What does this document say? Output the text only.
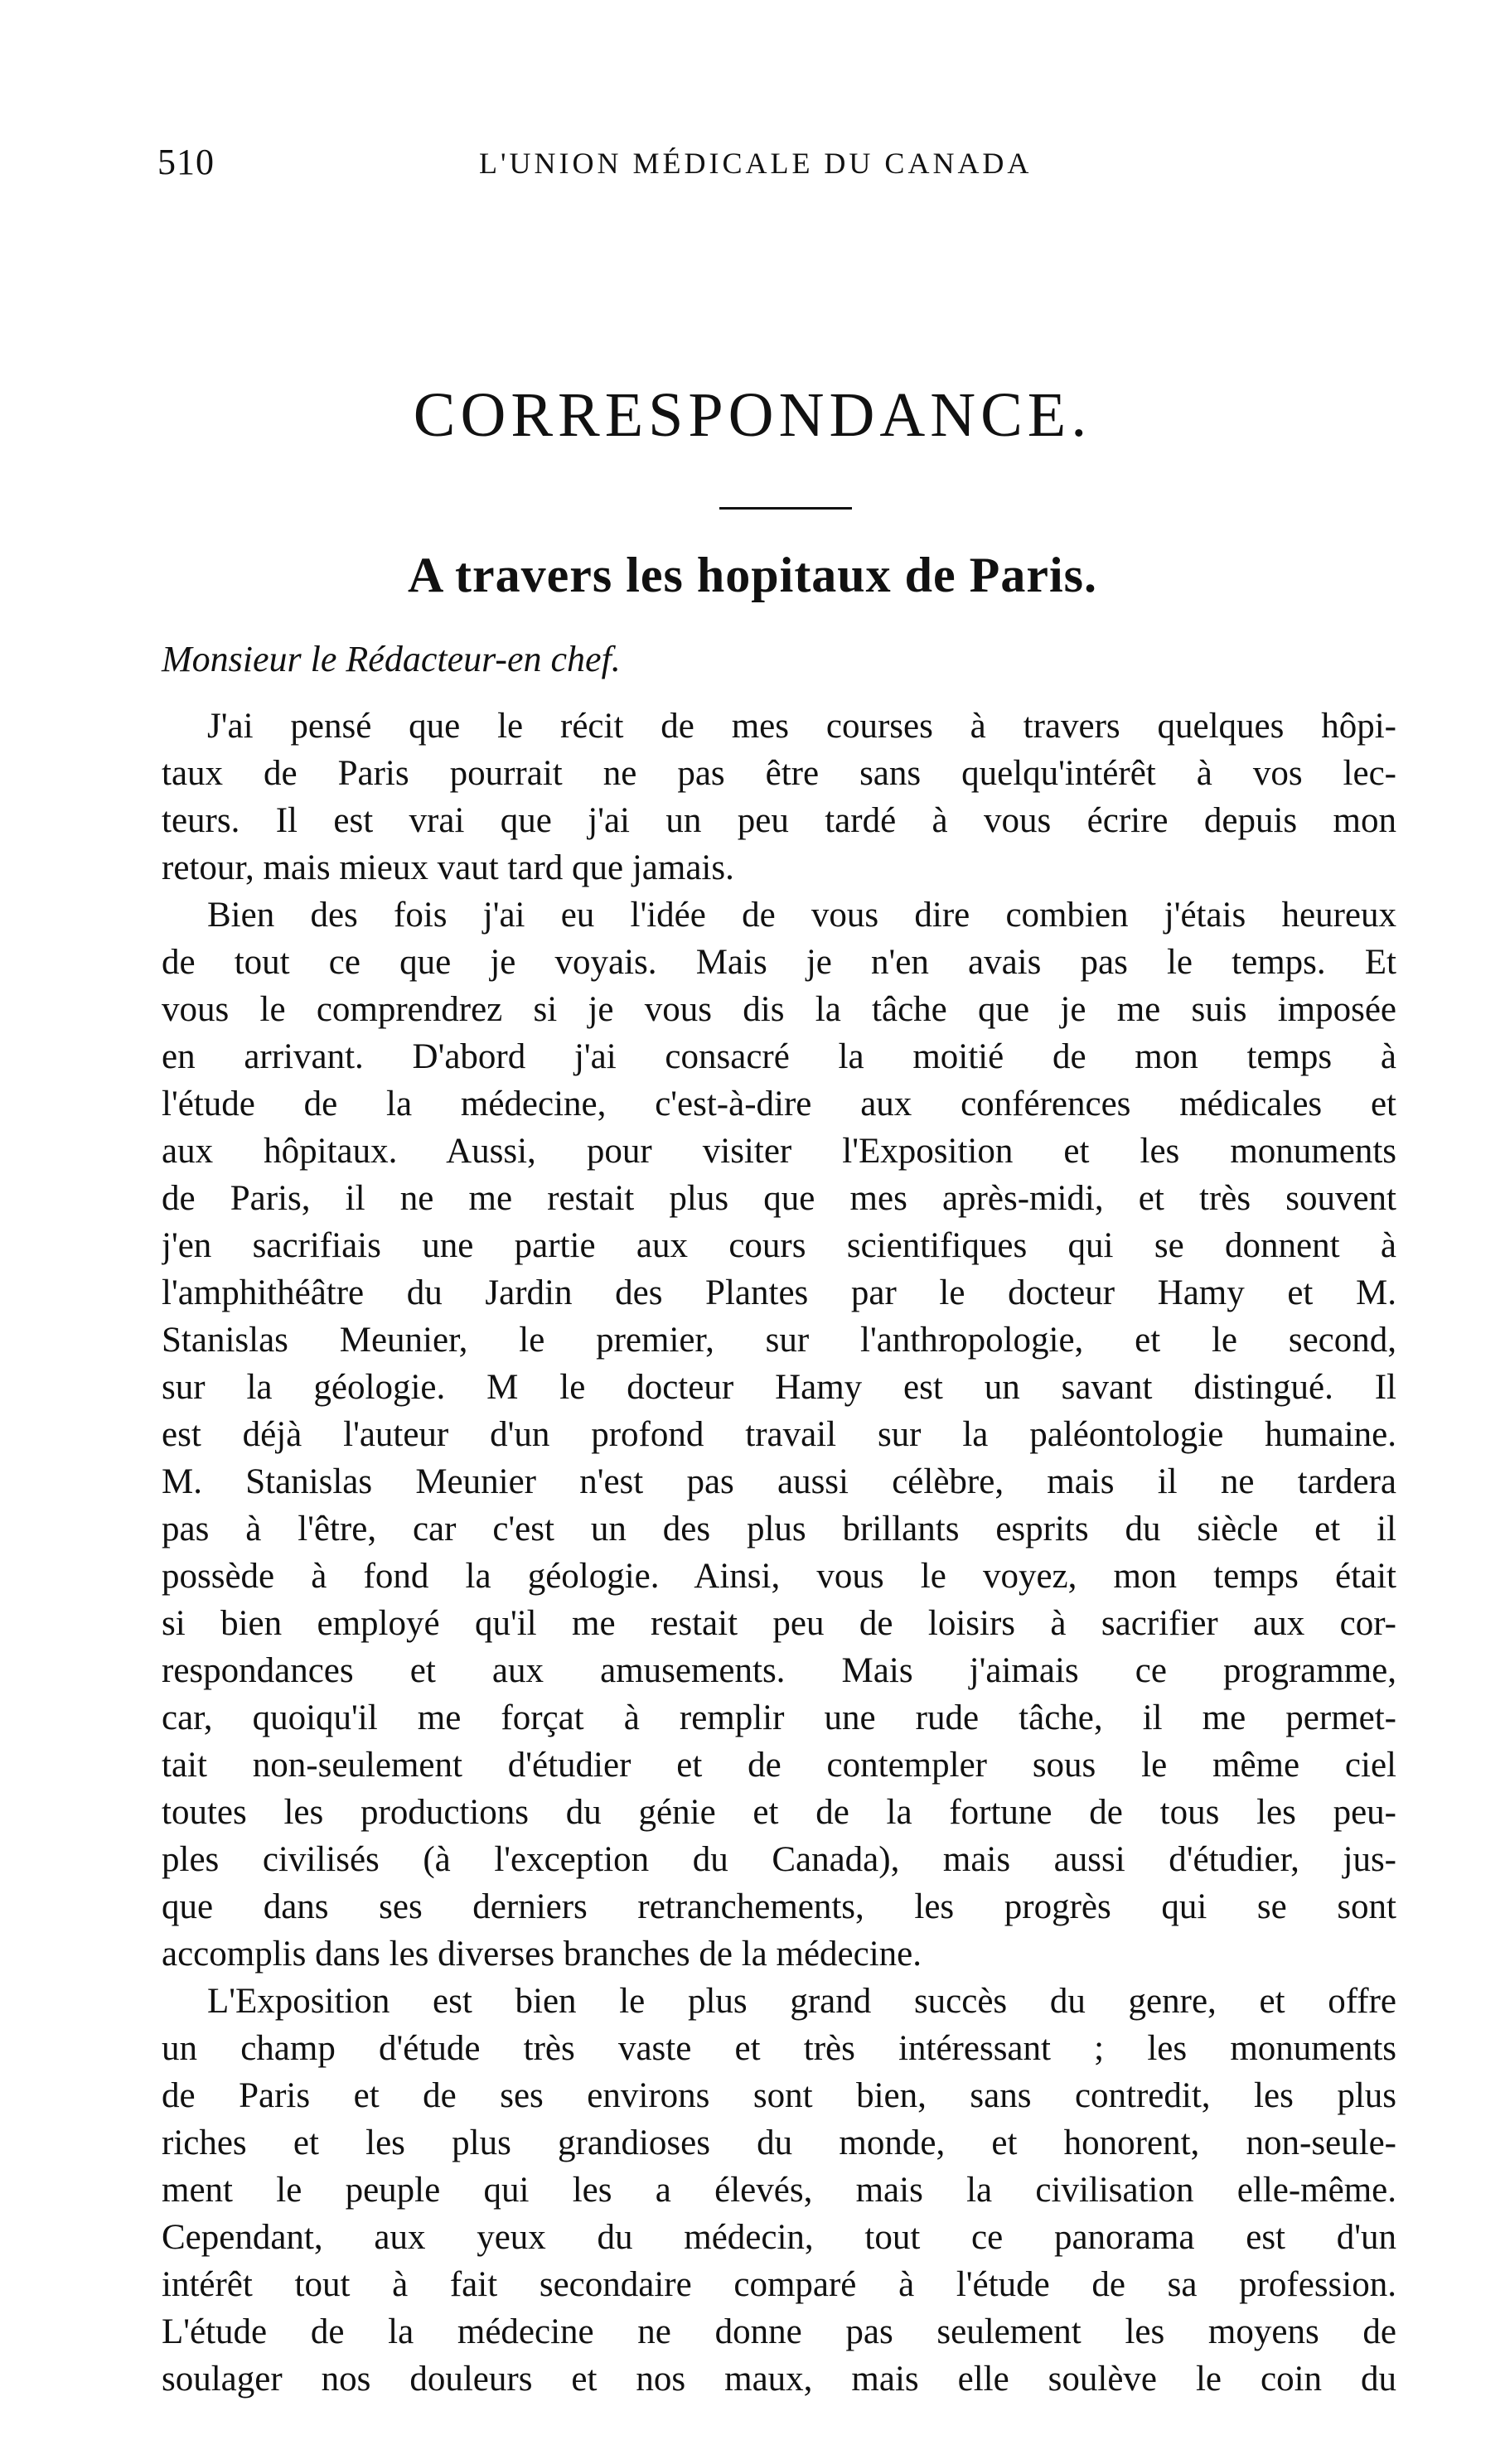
510	L'UNION MÉDICALE DU CANADA
CORRESPONDANCE.
A travers les hopitaux de Paris.
Monsieur le Rédacteur-en chef.
J'ai pensé que le récit de mes courses à travers quelques hôpi-
taux de Paris pourrait ne pas être sans quelqu'intérêt à vos lec-
teurs. Il est vrai que j'ai un peu tardé à vous écrire depuis mon
retour, mais mieux vaut tard que jamais.
Bien des fois j'ai eu l'idée de vous dire combien j'étais heureux
de tout ce que je voyais. Mais je n'en avais pas le temps. Et
vous le comprendrez si je vous dis la tâche que je me suis imposée
en arrivant. D'abord j'ai consacré la moitié de mon temps à
l'étude de la médecine, c'est-à-dire aux conférences médicales et
aux hôpitaux. Aussi, pour visiter l'Exposition et les monuments
de Paris, il ne me restait plus que mes après-midi, et très souvent
j'en sacrifiais une partie aux cours scientifiques qui se donnent à
l'amphithéâtre du Jardin des Plantes par le docteur Hamy et M.
Stanislas Meunier, le premier, sur l'anthropologie, et le second,
sur la géologie. M le docteur Hamy est un savant distingué. Il
est déjà l'auteur d'un profond travail sur la paléontologie humaine.
M. Stanislas Meunier n'est pas aussi célèbre, mais il ne tardera
pas à l'être, car c'est un des plus brillants esprits du siècle et il
possède à fond la géologie. Ainsi, vous le voyez, mon temps était
si bien employé qu'il me restait peu de loisirs à sacrifier aux cor-
respondances et aux amusements. Mais j'aimais ce programme,
car, quoiqu'il me forçat à remplir une rude tâche, il me permet-
tait non-seulement d'étudier et de contempler sous le même ciel
toutes les productions du génie et de la fortune de tous les peu-
ples civilisés (à l'exception du Canada), mais aussi d'étudier, jus-
que dans ses derniers retranchements, les progrès qui se sont
accomplis dans les diverses branches de la médecine.
L'Exposition est bien le plus grand succès du genre, et offre
un champ d'étude très vaste et très intéressant ; les monuments
de Paris et de ses environs sont bien, sans contredit, les plus
riches et les plus grandioses du monde, et honorent, non-seule-
ment le peuple qui les a élevés, mais la civilisation elle-même.
Cependant, aux yeux du médecin, tout ce panorama est d'un
intérêt tout à fait secondaire comparé à l'étude de sa profession.
L'étude de la médecine ne donne pas seulement les moyens de
soulager nos douleurs et nos maux, mais elle soulève le coin du
